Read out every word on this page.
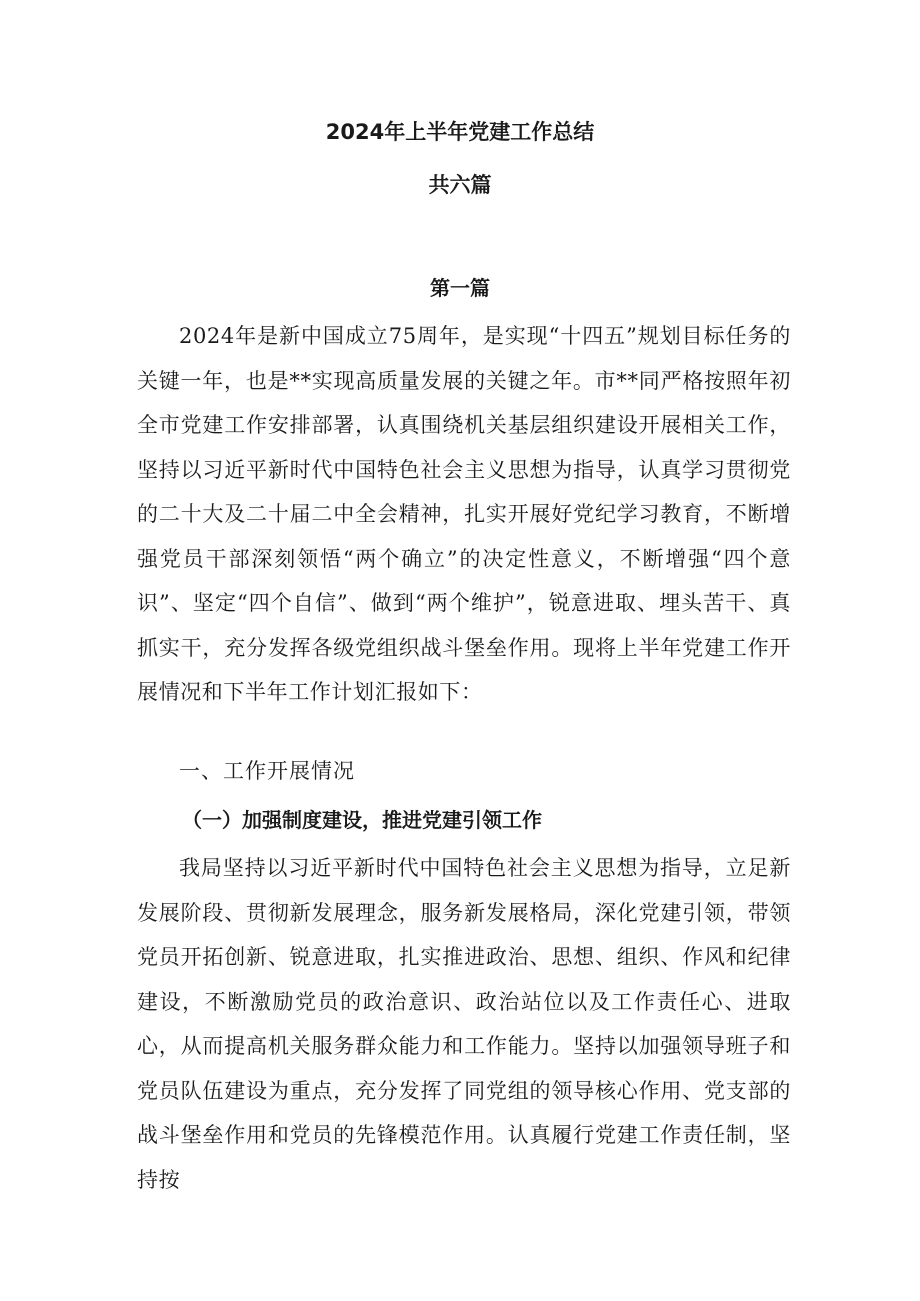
2024年上半年党建工作总结
共六篇
第一篇

2024年是新中国成立75周年，是实现“十四五”规划目标任务的关键一年，也是**实现高质量发展的关键之年。市**同严格按照年初全市党建工作安排部署，认真围绕机关基层组织建设开展相关工作，坚持以习近平新时代中国特色社会主义思想为指导，认真学习贯彻党的二十大及二十届二中全会精神，扎实开展好党纪学习教育，不断增强党员干部深刻领悟“两个确立”的决定性意义，不断增强“四个意识”、坚定“四个自信”、做到“两个维护”，锐意进取、埋头苦干、真抓实干，充分发挥各级党组织战斗堡垒作用。现将上半年党建工作开展情况和下半年工作计划汇报如下：

一、工作开展情况

（一）加强制度建设，推进党建引领工作

我局坚持以习近平新时代中国特色社会主义思想为指导，立足新发展阶段、贯彻新发展理念，服务新发展格局，深化党建引领，带领党员开拓创新、锐意进取，扎实推进政治、思想、组织、作风和纪律建设，不断激励党员的政治意识、政治站位以及工作责任心、进取心，从而提高机关服务群众能力和工作能力。坚持以加强领导班子和党员队伍建设为重点，充分发挥了同党组的领导核心作用、党支部的战斗堡垒作用和党员的先锋模范作用。认真履行党建工作责任制，坚持按
